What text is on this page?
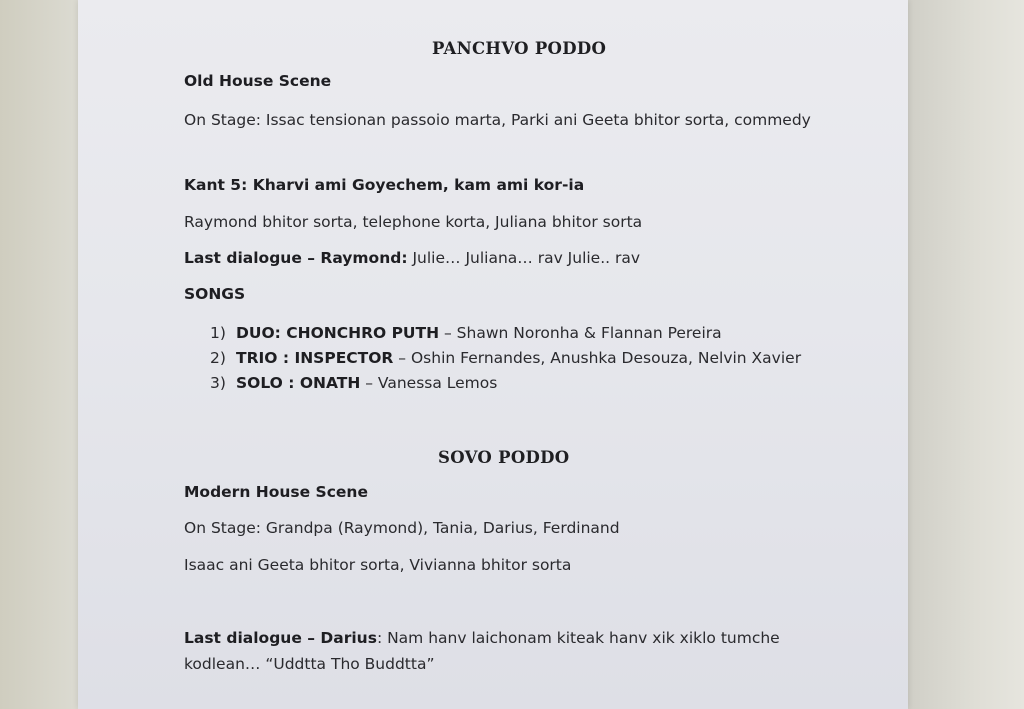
PANCHVO PODDO
Old House Scene
On Stage: Issac tensionan passoio marta, Parki ani Geeta bhitor sorta, commedy
Kant 5: Kharvi ami Goyechem, kam ami kor-ia
Raymond bhitor sorta, telephone korta, Juliana bhitor sorta
Last dialogue – Raymond: Julie… Juliana… rav Julie.. rav
SONGS
1) DUO: CHONCHRO PUTH – Shawn Noronha & Flannan Pereira
2) TRIO : INSPECTOR – Oshin Fernandes, Anushka Desouza, Nelvin Xavier
3) SOLO : ONATH – Vanessa Lemos
SOVO PODDO
Modern House Scene
On Stage: Grandpa (Raymond), Tania, Darius, Ferdinand
Isaac ani Geeta bhitor sorta, Vivianna bhitor sorta
Last dialogue – Darius: Nam hanv laichonam kiteak hanv xik xiklo tumche kodlean… “Uddtta Tho Buddtta”
